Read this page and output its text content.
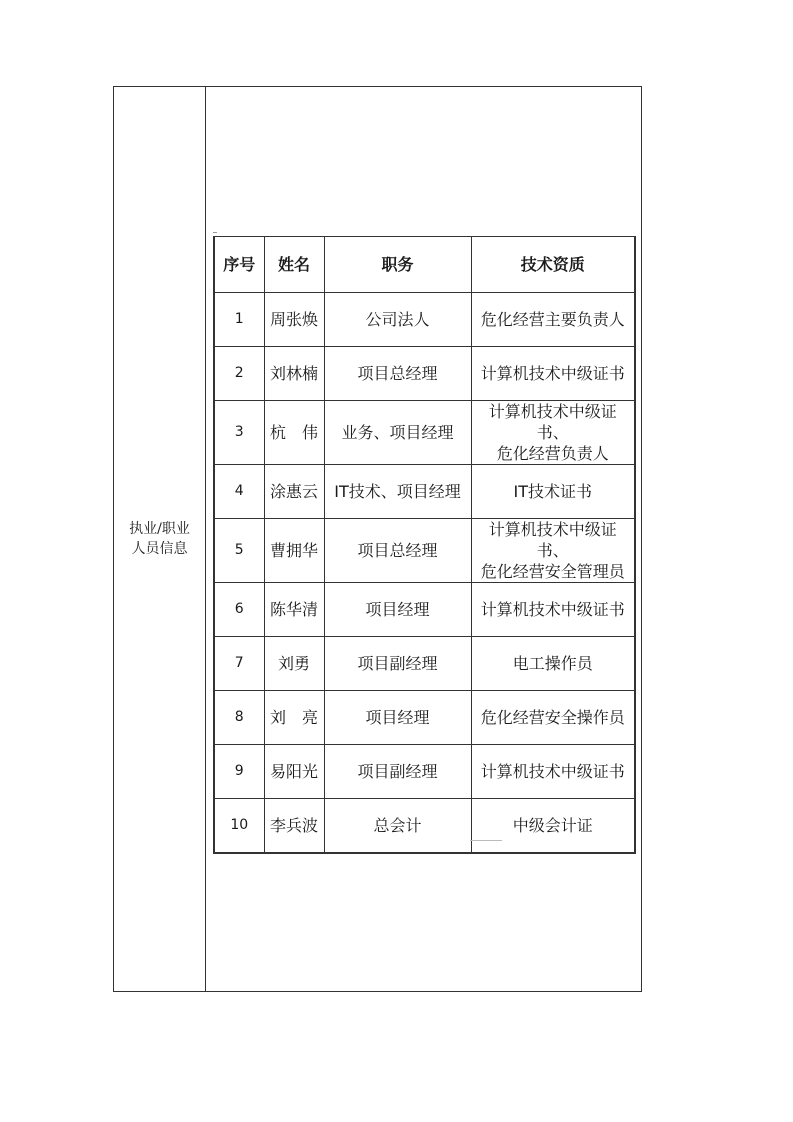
执业/职业
人员信息
序号	姓名	职务	技术资质
1	周张焕	公司法人	危化经营主要负责人

2	刘林楠	项目总经理	计算机技术中级证书

3	杭　伟	业务、项目经理	计算机技术中级证书、
危化经营负责人

4	涂惠云	IT技术、项目经理	IT技术证书

5	曹拥华	项目总经理	计算机技术中级证书、
危化经营安全管理员

6	陈华清	项目经理	计算机技术中级证书

7	刘勇	项目副经理	电工操作员

8	刘　亮	项目经理	危化经营安全操作员

9	易阳光	项目副经理	计算机技术中级证书

10	李兵波	总会计	中级会计证
